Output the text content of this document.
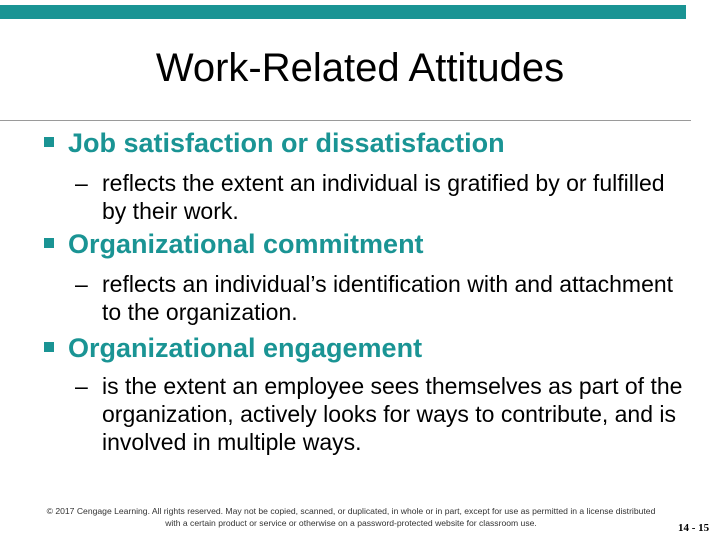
Work-Related Attitudes
Job satisfaction or dissatisfaction
– reflects the extent an individual is gratified by or fulfilled by their work.
Organizational commitment
– reflects an individual’s identification with and attachment to the organization.
Organizational engagement
– is the extent an employee sees themselves as part of the organization, actively looks for ways to contribute, and is involved in multiple ways.
© 2017 Cengage Learning. All rights reserved. May not be copied, scanned, or duplicated, in whole or in part, except for use as permitted in a license distributed with a certain product or service or otherwise on a password-protected website for classroom use.	14 - 15
